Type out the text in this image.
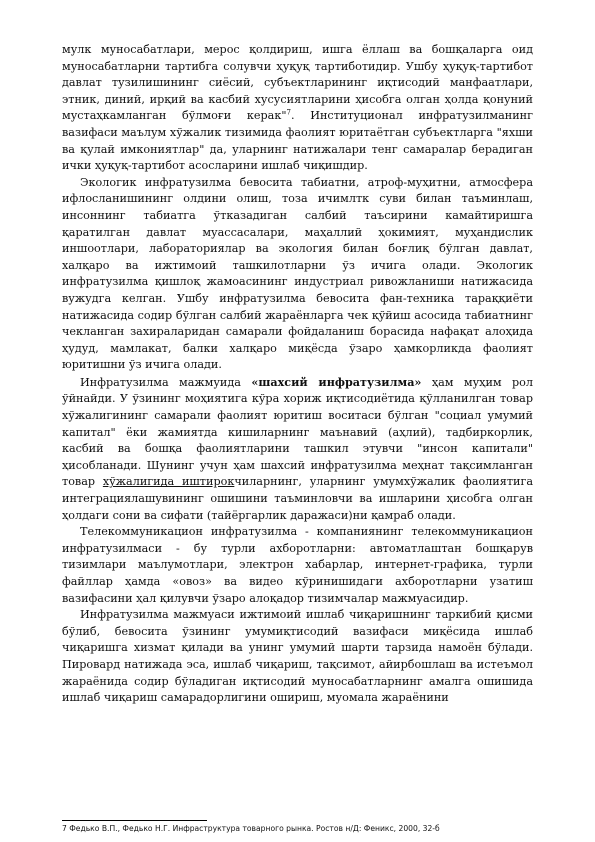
мулк муносабатлари, мерос қолдириш, ишга ёллаш ва бошқаларга оид муносабатларни тартибга солувчи ҳуқуқ тартиботидир. Ушбу ҳуқуқ-тартибот давлат тузилишининг сиёсий, субъектларининг иқтисодий манфаатлари, этник, диний, ирқий ва касбий хусусиятларини ҳисобга олган ҳолда қонуний мустаҳкамланган бўлмоғи керак"$^7$. Институционал инфратузилманинг вазифаси маълум хўжалик тизимида фаолият юритаётган субъектларга "яхши ва қулай имкониятлар" да, уларнинг натижалари тенг самаралар берадиган ички ҳуқуқ-тартибот асосларини ишлаб чиқишдир.

Экологик инфратузилма бевосита табиатни, атроф-муҳитни, атмосфера ифлосланишининг олдини олиш, тоза ичимлтк суви билан таъминлаш, инсоннинг табиатга ўтказадиган салбий таъсирини камайтиришга қаратилган давлат муассасалари, маҳаллий ҳокимият, муҳандислик иншоотлари, лабораториялар ва экология билан боғлиқ бўлган давлат, халқаро ва ижтимоий ташкилотларни ўз ичига олади. Экологик инфратузилма қишлоқ жамоасининг индустриал ривожланиши натижасида вужудга келган. Ушбу инфратузилма бевосита фан-техника тараққиёти натижасида содир бўлган салбий жараёнларга чек қўйиш асосида табиатнинг чекланган захираларидан самарали фойдаланиш борасида нафақат алоҳида ҳудуд, мамлакат, балки халқаро миқёсда ўзаро ҳамкорликда фаолият юритишни ўз ичига олади.

Инфратузилма мажмуида «шахсий инфратузилма» ҳам муҳим рол ўйнайди. У ўзининг моҳиятига кўра хориж иқтисодиётида қўлланилган товар хўжалигининг самарали фаолият юритиш воситаси бўлган "социал умумий капитал" ёки жамиятда кишиларнинг маънавий (аҳлий), тадбиркорлик, касбий ва бошқа фаолиятларини ташкил этувчи "инсон капитали" ҳисобланади. Шунинг учун ҳам шахсий инфратузилма меҳнат тақсимланган товар хўжалигида иштирокчиларнинг, уларнинг умумхўжалик фаолиятига интеграциялашувининг ошишини таъминловчи ва ишларини ҳисобга олган ҳолдаги сони ва сифати (тайёргарлик даражаси)ни қамраб олади.

Телекоммуникацион инфратузилма - компаниянинг телекоммуникацион инфратузилмаси - бу турли ахборотларни: автоматлаштан бошқарув тизимлари маълумотлари, электрон хабарлар, интернет-графика, турли файллар ҳамда «овоз» ва видео кўринишидаги ахборотларни узатиш вазифасини ҳал қилувчи ўзаро алоқадор тизимчалар мажмуасидир.

Инфратузилма мажмуаси ижтимоий ишлаб чиқаришнинг таркибий қисми бўлиб, бевосита ўзининг умумиқтисодий вазифаси миқёсида ишлаб чиқаришга хизмат қилади ва унинг умумий шарти тарзида намоён бўлади. Пировард натижада эса, ишлаб чиқариш, тақсимот, айирбошлаш ва истеъмол жараёнида содир бўладиган иқтисодий муносабатларнинг амалга ошишида ишлаб чиқариш самарадорлигини ошириш, муомала жараёнини

7 Федько В.П., Федько Н.Г. Инфраструктура товарного рынка. Ростов н/Д: Феникс, 2000, 32-б
